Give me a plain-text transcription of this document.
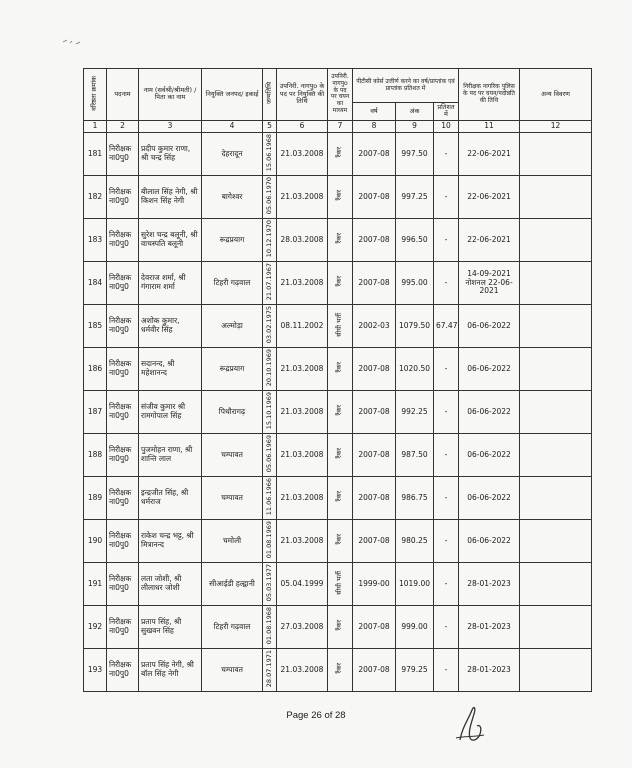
वरिष्ठता क्रमांक	पदनाम	नाम (सर्वश्री/श्रीमती) /पिता का नाम	नियुक्ति जनपद/ इकाई	जन्मतिथि	उपनिरी. नागपुo के पद पर नियुक्ति की तिथि	उपनिरी. नागपुo के पद पर चयन का माध्यम	पीटीसी कोर्स उत्तीर्ण करने का वर्ष/प्राप्तांक एवं प्राप्तांक प्रतिशत में			निरीक्षक नागरिक पुलिस के पद पर चयन/पदोन्नति की तिथि	अन्य विवरण
							वर्ष	अंक	प्रतिशत में		
1	2	3	4	5	6	7	8	9	10	11	12
181	निरीक्षक ना0पु0	प्रदीप कुमार राणा, श्री चन्द्र सिंह	देहरादून	15.06.1968	21.03.2008	रैंकर	2007-08	997.50	-	22-06-2021	
182	निरीक्षक ना0पु0	बीलाल सिंह नेगी, श्री किशन सिंह नेगी	बागेश्वर	05.06.1970	21.03.2008	रैंकर	2007-08	997.25	-	22-06-2021	
183	निरीक्षक ना0पु0	सुरेश चन्द्र बलूनी, श्री वाचस्पति बलूनी	रूद्रप्रयाग	10.12.1970	28.03.2008	रैंकर	2007-08	996.50	-	22-06-2021	
184	निरीक्षक ना0पु0	देवराज शर्मा, श्री गंगाराम शर्मा	टिहरी गढ़वाल	21.07.1967	21.03.2008	रैंकर	2007-08	995.00	-	14-09-2021 नोशनल 22-06-2021	
185	निरीक्षक ना0पु0	अशोक कुमार, धर्मवीर सिंह	अल्मोड़ा	03.02.1975	08.11.2002	सीधी भर्ती	2002-03	1079.50	67.47	06-06-2022	
186	निरीक्षक ना0पु0	सदानन्द, श्री महेशानन्द	रूद्रप्रयाग	20.10.1969	21.03.2008	रैंकर	2007-08	1020.50	-	06-06-2022	
187	निरीक्षक ना0पु0	संजीव कुमार श्री रामगोपाल सिंह	पिथौरागढ़	15.10.1969	21.03.2008	रैंकर	2007-08	992.25	-	06-06-2022	
188	निरीक्षक ना0पु0	पुजमोहन राणा, श्री शान्ति लाल	चम्पावत	05.06.1969	21.03.2008	रैंकर	2007-08	987.50	-	06-06-2022	
189	निरीक्षक ना0पु0	इन्द्रजीत सिंह, श्री धर्मराज	चम्पावत	11.06.1966	21.03.2008	रैंकर	2007-08	986.75	-	06-06-2022	
190	निरीक्षक ना0पु0	राकेश चन्द्र भट्ट, श्री मित्रानन्द	चमोली	01.08.1969	21.03.2008	रैंकर	2007-08	980.25	-	06-06-2022	
191	निरीक्षक ना0पु0	लता जोशी, श्री लीलाधर जोशी	सीआईडी हल्द्वानी	05.03.1977	05.04.1999	सीधी भर्ती	1999-00	1019.00	-	28-01-2023	
192	निरीक्षक ना0पु0	प्रताप सिंह, श्री सुखवन सिंह	टिहरी गढ़वाल	01.08.1968	27.03.2008	रैंकर	2007-08	999.00	-	28-01-2023	
193	निरीक्षक ना0पु0	प्रताप सिंह नेगी, श्री बॉल सिंह नेगी	चम्पावत	28.07.1971	21.03.2008	रैंकर	2007-08	979.25	-	28-01-2023	
Page 26 of 28
